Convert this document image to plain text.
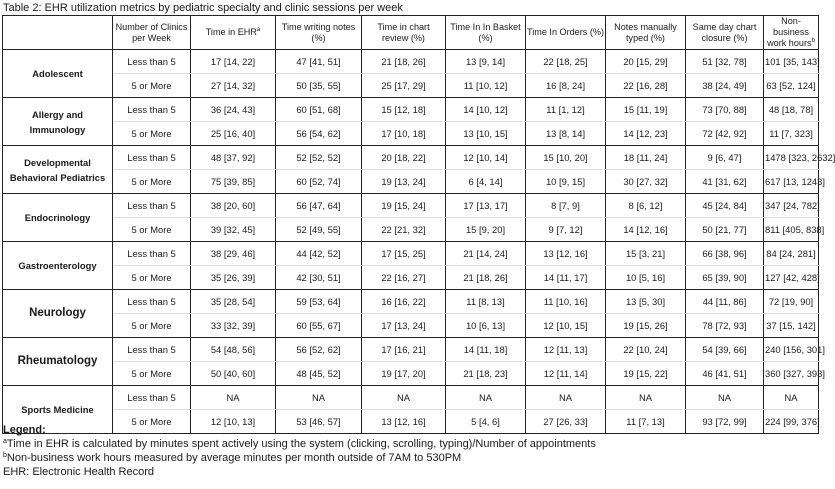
Table 2: EHR utilization metrics by pediatric specialty and clinic sessions per week
	Number of Clinics per Week	Time in EHR$^a$	Time writing notes (%)	Time in chart review (%)	Time In In Basket (%)	Time In Orders (%)	Notes manually typed (%)	Same day chart closure (%)	Non-business work hours$^b$
Adolescent	Less than 5	17 [14, 22]	47 [41, 51]	21 [18, 26]	13 [9, 14]	22 [18, 25]	20 [15, 29]	51 [32, 78]	101 [35, 143]
	5 or More	27 [14, 32]	50 [35, 55]	25 [17, 29]	11 [10, 12]	16 [8, 24]	22 [16, 28]	38 [24, 49]	63 [52, 124]
Allergy and Immunology	Less than 5	36 [24, 43]	60 [51, 68]	15 [12, 18]	14 [10, 12]	11 [1, 12]	15 [11, 19]	73 [70, 88]	48 [18, 78]
	5 or More	25 [16, 40]	56 [54, 62]	17 [10, 18]	13 [10, 15]	13 [8, 14]	14 [12, 23]	72 [42, 92]	11 [7, 323]
Developmental Behavioral Pediatrics	Less than 5	48 [37, 92]	52 [52, 52]	20 [18, 22]	12 [10, 14]	15 [10, 20]	18 [11, 24]	9 [6, 47]	1478 [323, 2632]
	5 or More	75 [39, 85]	60 [52, 74]	19 [13, 24]	6 [4, 14]	10 [9, 15]	30 [27, 32]	41 [31, 62]	617 [13, 1243]
Endocrinology	Less than 5	38 [20, 60]	56 [47, 64]	19 [15, 24]	17 [13, 17]	8 [7, 9]	8 [6, 12]	45 [24, 84]	347 [24, 782]
	5 or More	39 [32, 45]	52 [49, 55]	22 [21, 32]	15 [9, 20]	9 [7, 12]	14 [12, 16]	50 [21, 77]	811 [405, 838]
Gastroenterology	Less than 5	38 [29, 46]	44 [42, 52]	17 [15, 25]	21 [14, 24]	13 [12, 16]	15 [3, 21]	66 [38, 96]	84 [24, 281]
	5 or More	35 [26, 39]	42 [30, 51]	22 [16, 27]	21 [18, 26]	14 [11, 17]	10 [5, 16]	65 [39, 90]	127 [42, 428]
Neurology	Less than 5	35 [28, 54]	59 [53, 64]	16 [16, 22]	11 [8, 13]	11 [10, 16]	13 [5, 30]	44 [11, 86]	72 [19, 90]
	5 or More	33 [32, 39]	60 [55, 67]	17 [13, 24]	10 [6, 13]	12 [10, 15]	19 [15, 26]	78 [72, 93]	37 [15, 142]
Rheumatology	Less than 5	54 [48, 56]	56 [52, 62]	17 [16, 21]	14 [11, 18]	12 [11, 13]	22 [10, 24]	54 [39, 66]	240 [156, 301]
	5 or More	50 [40, 60]	48 [45, 52]	19 [17, 20]	21 [18, 23]	12 [11, 14]	19 [15, 22]	46 [41, 51]	360 [327, 393]
Sports Medicine	Less than 5	NA	NA	NA	NA	NA	NA	NA	NA
	5 or More	12 [10, 13]	53 [46, 57]	13 [12, 16]	5 [4, 6]	27 [26, 33]	11 [7, 13]	93 [72, 99]	224 [99, 376]
Legend:
$^a$Time in EHR is calculated by minutes spent actively using the system (clicking, scrolling, typing)/Number of appointments
$^b$Non-business work hours measured by average minutes per month outside of 7AM to 530PM
EHR: Electronic Health Record
